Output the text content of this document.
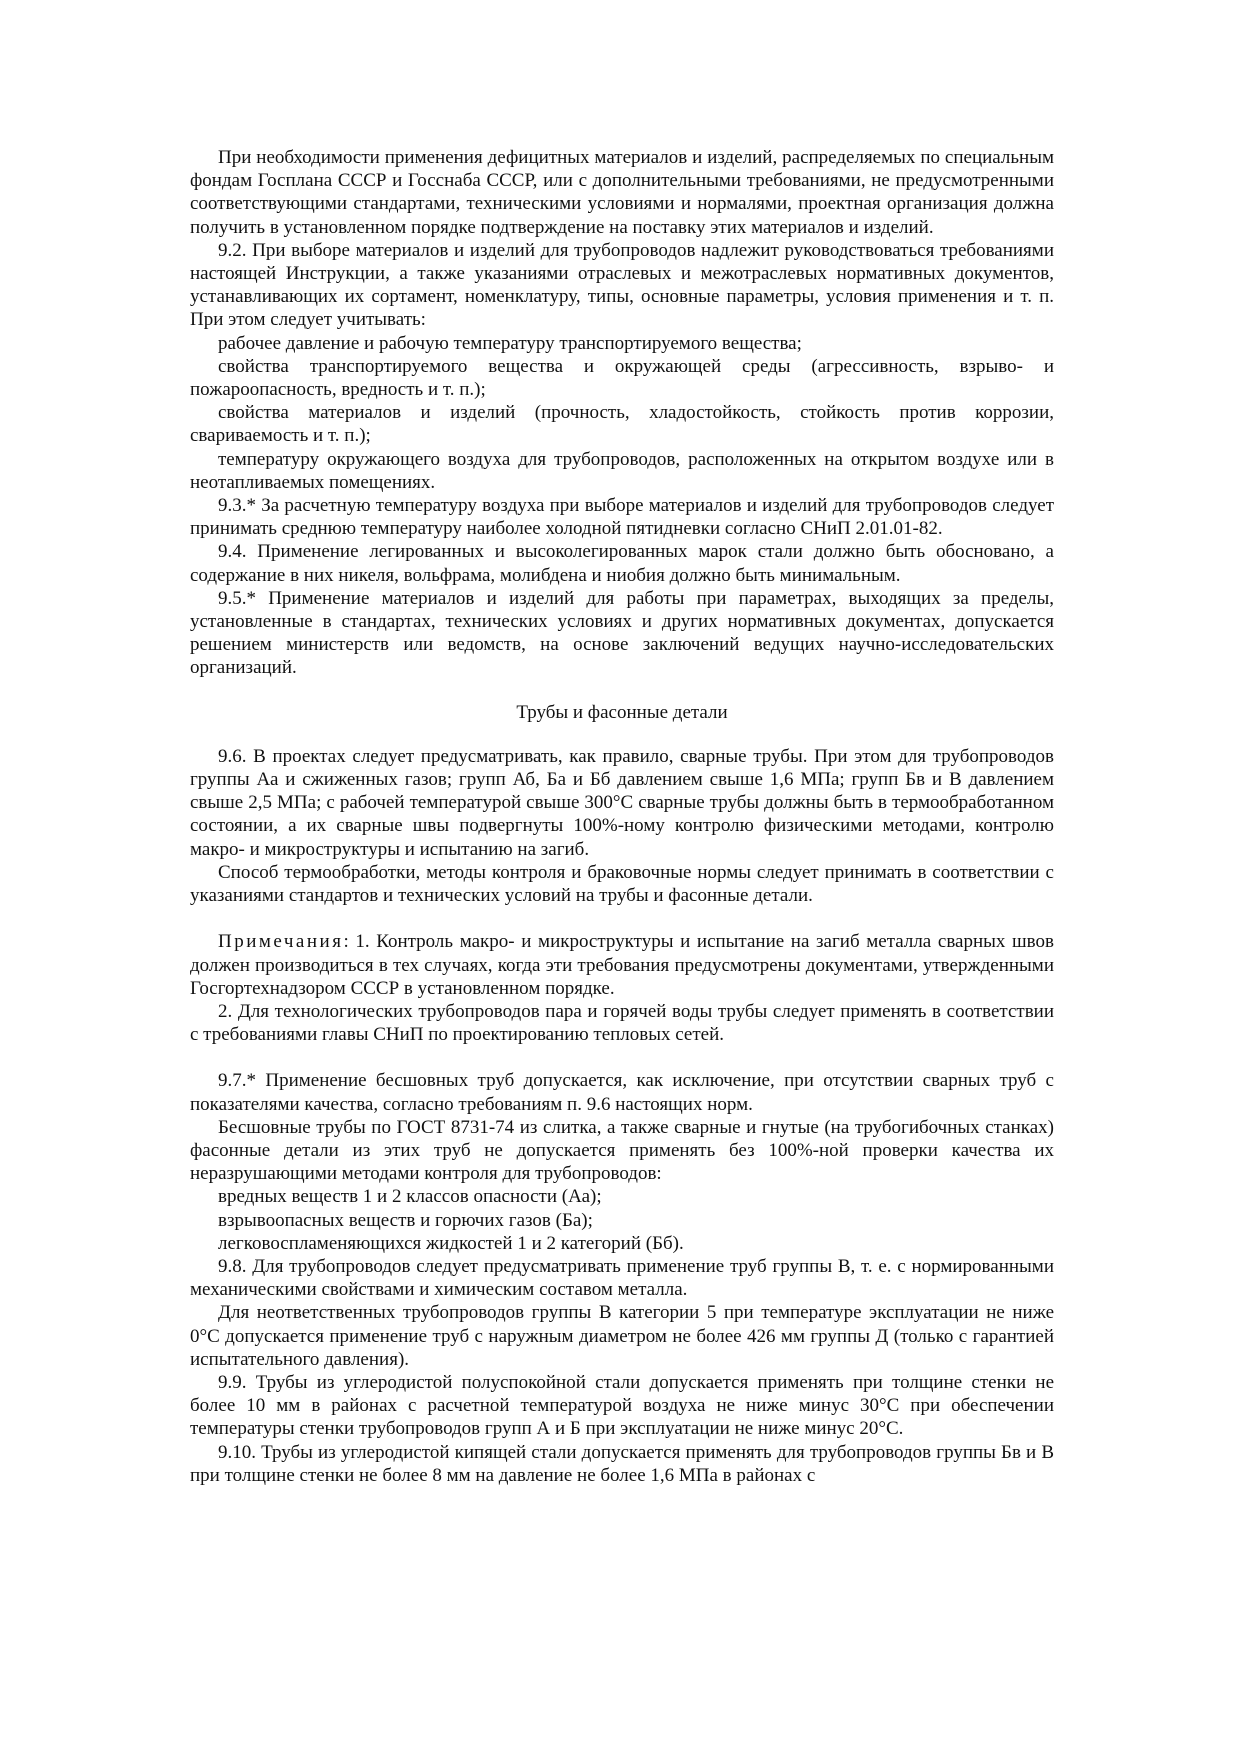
При необходимости применения дефицитных материалов и изделий, распределяемых по специальным фондам Госплана СССР и Госснаба СССР, или с дополнительными требованиями, не предусмотренными соответствующими стандартами, техническими условиями и нормалями, проектная организация должна получить в установленном порядке подтверждение на поставку этих материалов и изделий.

9.2. При выборе материалов и изделий для трубопроводов надлежит руководствоваться требованиями настоящей Инструкции, а также указаниями отраслевых и межотраслевых нормативных документов, устанавливающих их сортамент, номенклатуру, типы, основные параметры, условия применения и т. п. При этом следует учитывать:

рабочее давление и рабочую температуру транспортируемого вещества;

свойства транспортируемого вещества и окружающей среды (агрессивность, взрыво- и пожароопасность, вредность и т. п.);

свойства материалов и изделий (прочность, хладостойкость, стойкость против коррозии, свариваемость и т. п.);

температуру окружающего воздуха для трубопроводов, расположенных на открытом воздухе или в неотапливаемых помещениях.

9.3.* За расчетную температуру воздуха при выборе материалов и изделий для трубопроводов следует принимать среднюю температуру наиболее холодной пятидневки согласно СНиП 2.01.01-82.

9.4. Применение легированных и высоколегированных марок стали должно быть обосновано, а содержание в них никеля, вольфрама, молибдена и ниобия должно быть минимальным.

9.5.* Применение материалов и изделий для работы при параметрах, выходящих за пределы, установленные в стандартах, технических условиях и других нормативных документах, допускается решением министерств или ведомств, на основе заключений ведущих научно-исследовательских организаций.

Трубы и фасонные детали

9.6. В проектах следует предусматривать, как правило, сварные трубы. При этом для трубопроводов группы Аа и сжиженных газов; групп Аб, Ба и Бб давлением свыше 1,6 МПа; групп Бв и В давлением свыше 2,5 МПа; с рабочей температурой свыше 300°С сварные трубы должны быть в термообработанном состоянии, а их сварные швы подвергнуты 100%-ному контролю физическими методами, контролю макро- и микроструктуры и испытанию на загиб.

Способ термообработки, методы контроля и браковочные нормы следует принимать в соответствии с указаниями стандартов и технических условий на трубы и фасонные детали.

Примечания: 1. Контроль макро- и микроструктуры и испытание на загиб металла сварных швов должен производиться в тех случаях, когда эти требования предусмотрены документами, утвержденными Госгортехнадзором СССР в установленном порядке.

2. Для технологических трубопроводов пара и горячей воды трубы следует применять в соответствии с требованиями главы СНиП по проектированию тепловых сетей.

9.7.* Применение бесшовных труб допускается, как исключение, при отсутствии сварных труб с показателями качества, согласно требованиям п. 9.6 настоящих норм.

Бесшовные трубы по ГОСТ 8731-74 из слитка, а также сварные и гнутые (на трубогибочных станках) фасонные детали из этих труб не допускается применять без 100%-ной проверки качества их неразрушающими методами контроля для трубопроводов:

вредных веществ 1 и 2 классов опасности (Аа);

взрывоопасных веществ и горючих газов (Ба);

легковоспламеняющихся жидкостей 1 и 2 категорий (Бб).

9.8. Для трубопроводов следует предусматривать применение труб группы В, т. е. с нормированными механическими свойствами и химическим составом металла.

Для неответственных трубопроводов группы В категории 5 при температуре эксплуатации не ниже 0°С допускается применение труб с наружным диаметром не более 426 мм группы Д (только с гарантией испытательного давления).

9.9. Трубы из углеродистой полуспокойной стали допускается применять при толщине стенки не более 10 мм в районах с расчетной температурой воздуха не ниже минус 30°С при обеспечении температуры стенки трубопроводов групп А и Б при эксплуатации не ниже минус 20°С.

9.10. Трубы из углеродистой кипящей стали допускается применять для трубопроводов группы Бв и В при толщине стенки не более 8 мм на давление не более 1,6 МПа в районах с
